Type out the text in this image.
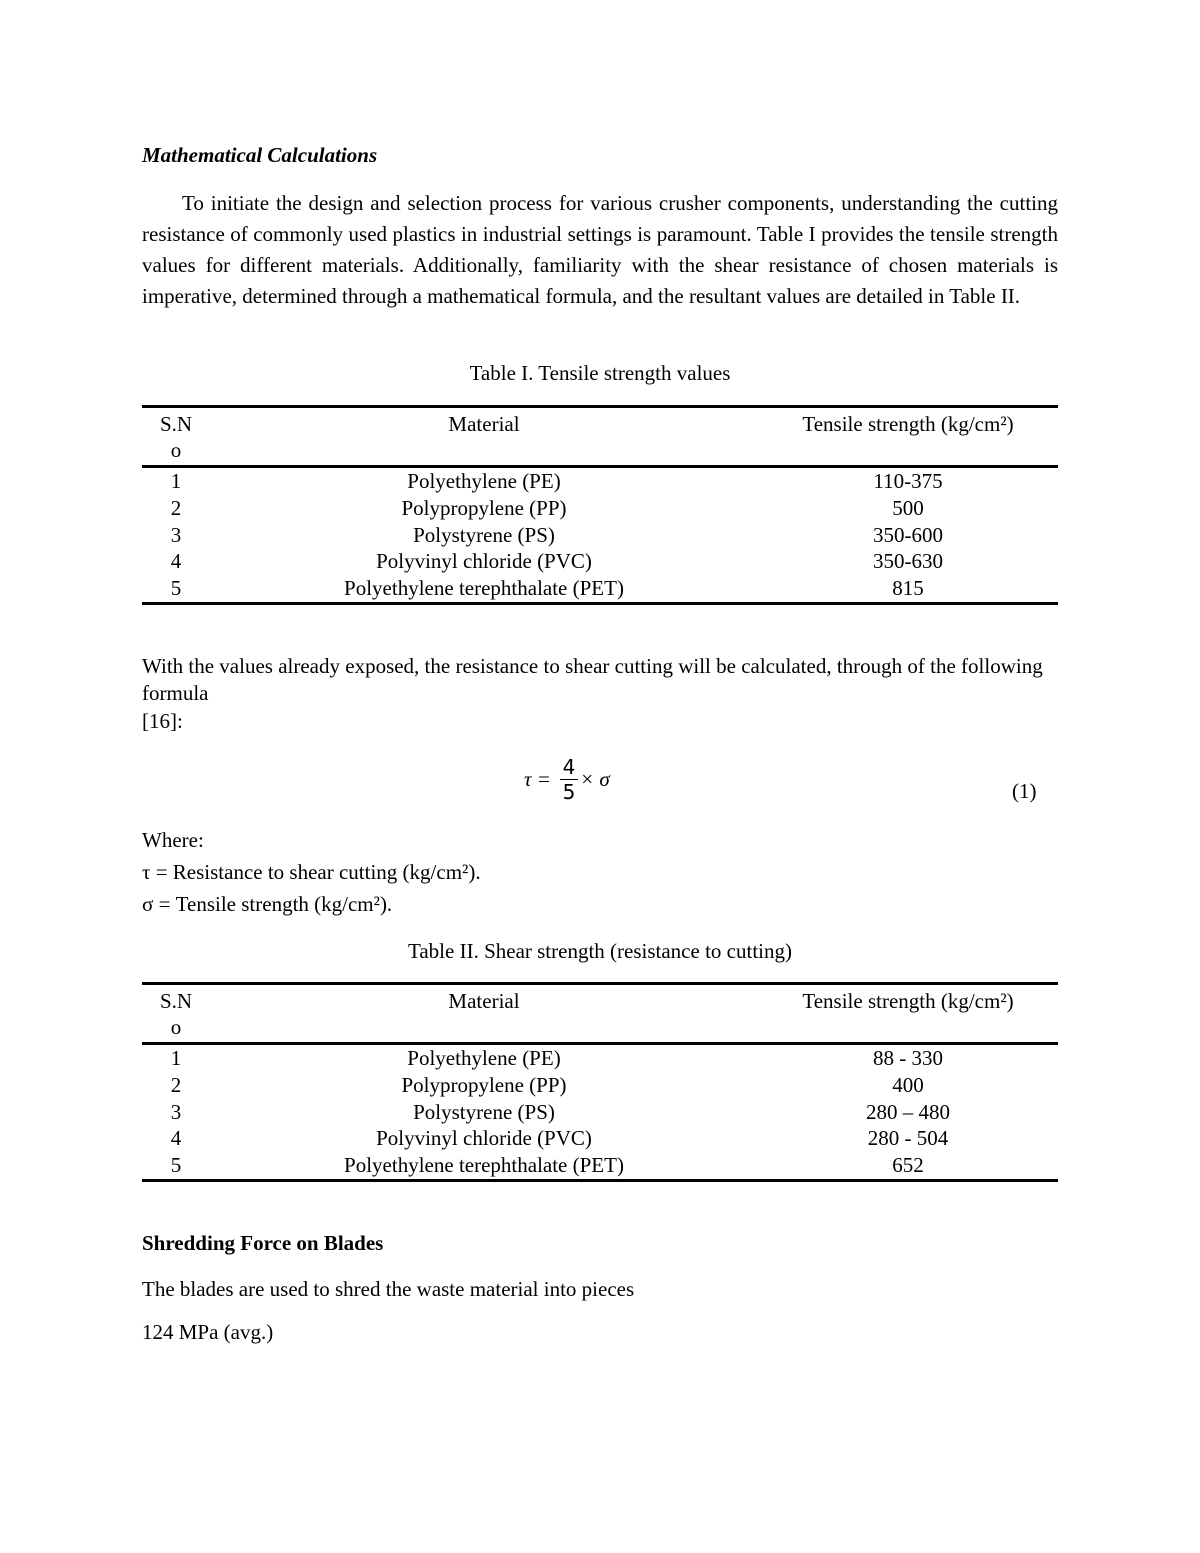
Mathematical Calculations

To initiate the design and selection process for various crusher components, understanding the cutting resistance of commonly used plastics in industrial settings is paramount. Table I provides the tensile strength values for different materials. Additionally, familiarity with the shear resistance of chosen materials is imperative, determined through a mathematical formula, and the resultant values are detailed in Table II.

Table I. Tensile strength values
S.No	Material	Tensile strength (kg/cm²)
1	Polyethylene (PE)	110-375
2	Polypropylene (PP)	500
3	Polystyrene (PS)	350-600
4	Polyvinyl chloride (PVC)	350-630
5	Polyethylene terephthalate (PET)	815
With the values already exposed, the resistance to shear cutting will be calculated, through of the following formula
[16]:
τ = 4
5
× σ	(1)
Where:
τ = Resistance to shear cutting (kg/cm²).
σ = Tensile strength (kg/cm²).
Table II. Shear strength (resistance to cutting)
S.No	Material	Tensile strength (kg/cm²)
1	Polyethylene (PE)	88 - 330
2	Polypropylene (PP)	400
3	Polystyrene (PS)	280 – 480
4	Polyvinyl chloride (PVC)	280 - 504
5	Polyethylene terephthalate (PET)	652
Shredding Force on Blades
The blades are used to shred the waste material into pieces
124 MPa (avg.)
